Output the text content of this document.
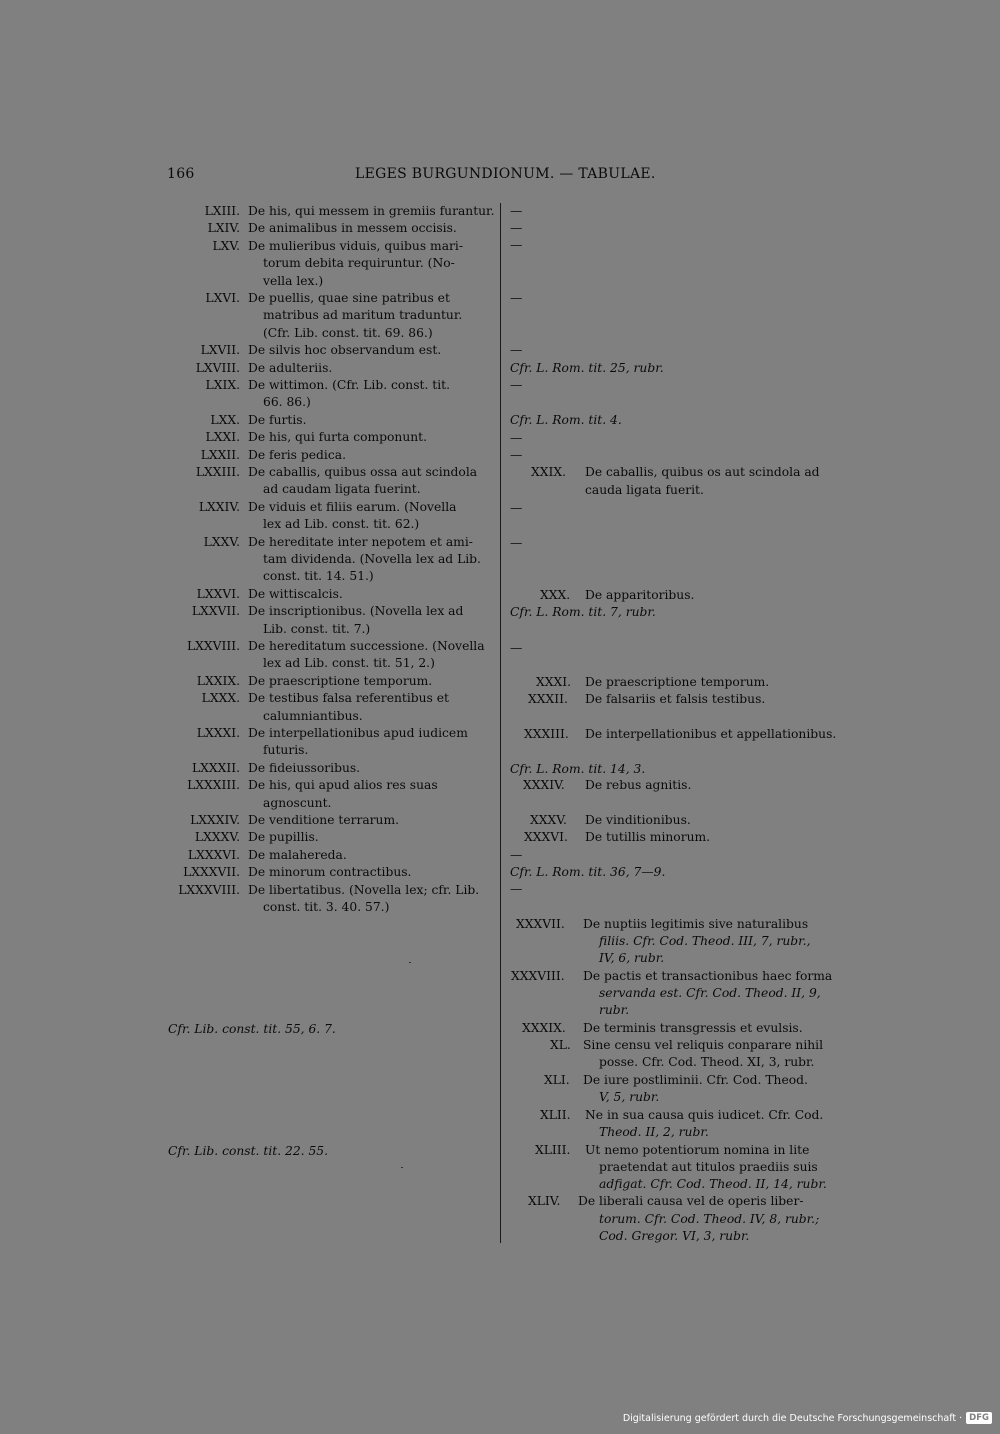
166	LEGES BURGUNDIONUM. — TABULAE.
LXIII. De his, qui messem in gremiis furantur.
LXIV. De animalibus in messem occisis.
LXV. De mulieribus viduis, quibus mari-
torum debita requiruntur. (No-
vella lex.)
LXVI. De puellis, quae sine patribus et
matribus ad maritum traduntur.
(Cfr. Lib. const. tit. 69. 86.)
LXVII. De silvis hoc observandum est.
LXVIII. De adulteriis.
LXIX. De wittimon. (Cfr. Lib. const. tit.
66. 86.)
LXX. De furtis.
LXXI. De his, qui furta componunt.
LXXII. De feris pedica.
LXXIII. De caballis, quibus ossa aut scindola
ad caudam ligata fuerint.
LXXIV. De viduis et filiis earum. (Novella
lex ad Lib. const. tit. 62.)
LXXV. De hereditate inter nepotem et ami-
tam dividenda. (Novella lex ad Lib.
const. tit. 14. 51.)
LXXVI. De wittiscalcis.
LXXVII. De inscriptionibus. (Novella lex ad
Lib. const. tit. 7.)
LXXVIII. De hereditatum successione. (Novella
lex ad Lib. const. tit. 51, 2.)
LXXIX. De praescriptione temporum.
LXXX. De testibus falsa referentibus et
calumniantibus.
LXXXI. De interpellationibus apud iudicem
futuris.
LXXXII. De fideiussoribus.
LXXXIII. De his, qui apud alios res suas
agnoscunt.
LXXXIV. De venditione terrarum.
LXXXV. De pupillis.
LXXXVI. De malahereda.
LXXXVII. De minorum contractibus.
LXXXVIII. De libertatibus. (Novella lex; cfr. Lib.
const. tit. 3. 40. 57.)
—
—
—
—
—
Cfr. L. Rom. tit. 25, rubr.
—
Cfr. L. Rom. tit. 4.
—
—
XXIX. De caballis, quibus os aut scindola ad
cauda ligata fuerit.
—
—
XXX. De apparitoribus.
Cfr. L. Rom. tit. 7, rubr.
—
XXXI. De praescriptione temporum.
XXXII. De falsariis et falsis testibus.
XXXIII. De interpellationibus et appellationibus.
Cfr. L. Rom. tit. 14, 3.
XXXIV. De rebus agnitis.
XXXV. De vinditionibus.
XXXVI. De tutillis minorum.
—
Cfr. L. Rom. tit. 36, 7—9.
—
XXXVII. De nuptiis legitimis sive naturalibus
filiis. Cfr. Cod. Theod. III, 7, rubr.,
IV, 6, rubr.
XXXVIII. De pactis et transactionibus haec forma
servanda est. Cfr. Cod. Theod. II, 9,
rubr.
XXXIX. De terminis transgressis et evulsis.
XL. Sine censu vel reliquis conparare nihil
posse. Cfr. Cod. Theod. XI, 3, rubr.
XLI. De iure postliminii. Cfr. Cod. Theod.
V, 5, rubr.
XLII. Ne in sua causa quis iudicet. Cfr. Cod.
Theod. II, 2, rubr.
XLIII. Ut nemo potentiorum nomina in lite
praetendat aut titulos praediis suis
adfigat. Cfr. Cod. Theod. II, 14, rubr.
XLIV. De liberali causa vel de operis liber-
torum. Cfr. Cod. Theod. IV, 8, rubr.;
Cod. Gregor. VI, 3, rubr.
Cfr. Lib. const. tit. 55, 6. 7.
Cfr. Lib. const. tit. 22. 55.
Digitalisierung gefördert durch die Deutsche Forschungsgemeinschaft · DFG
